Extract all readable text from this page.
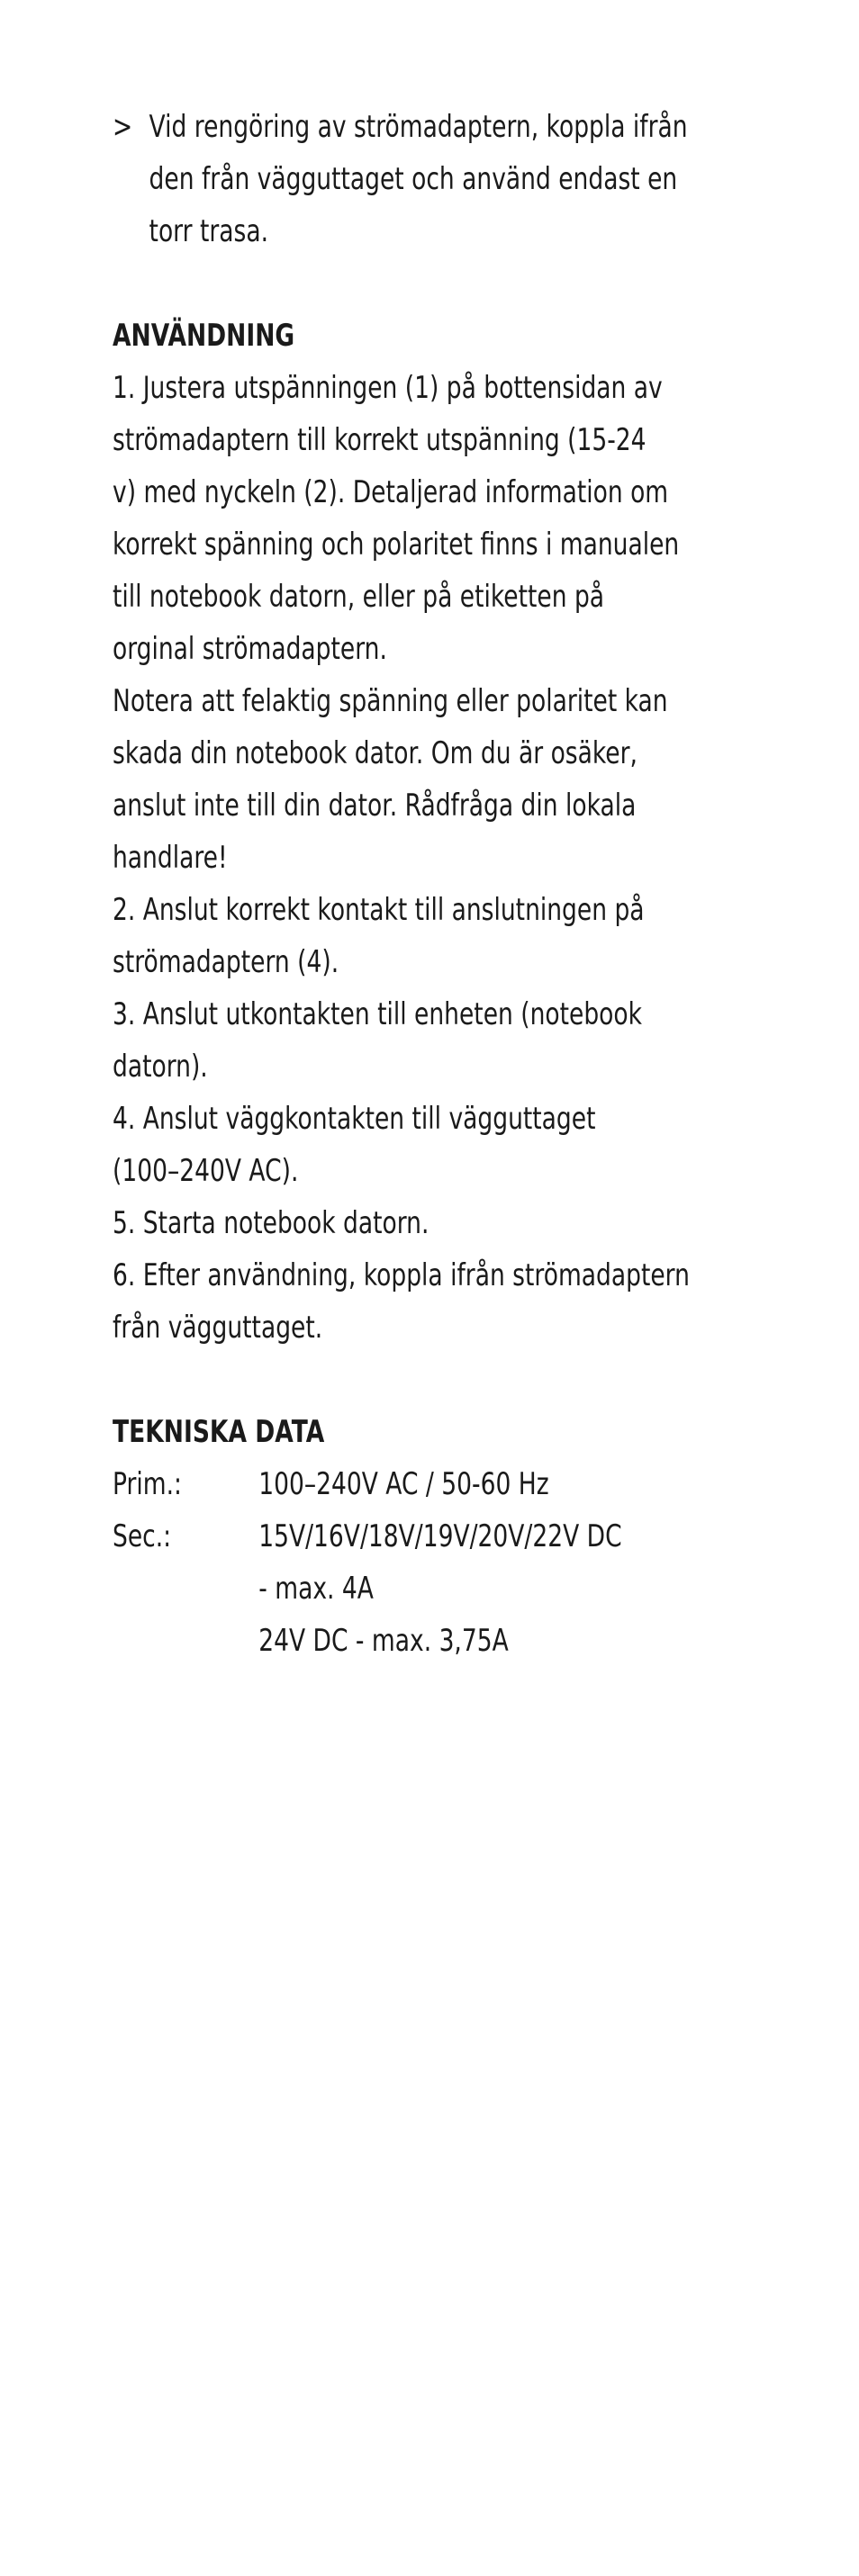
> Vid rengöring av strömadaptern, koppla ifrån
den från vägguttaget och använd endast en
torr trasa.
ANVÄNDNING
1. Justera utspänningen (1) på bottensidan av
strömadaptern till korrekt utspänning (15-24
v) med nyckeln (2). Detaljerad information om
korrekt spänning och polaritet finns i manualen
till notebook datorn, eller på etiketten på
orginal strömadaptern.
Notera att felaktig spänning eller polaritet kan
skada din notebook dator. Om du är osäker,
anslut inte till din dator. Rådfråga din lokala
handlare!
2. Anslut korrekt kontakt till anslutningen på
strömadaptern (4).
3. Anslut utkontakten till enheten (notebook
datorn).
4. Anslut väggkontakten till vägguttaget
(100–240V AC).
5. Starta notebook datorn.
6. Efter användning, koppla ifrån strömadaptern
från vägguttaget.
TEKNISKA DATA
Prim.:	100–240V AC / 50-60 Hz
Sec.:	15V/16V/18V/19V/20V/22V DC
- max. 4A
24V DC - max. 3,75A
